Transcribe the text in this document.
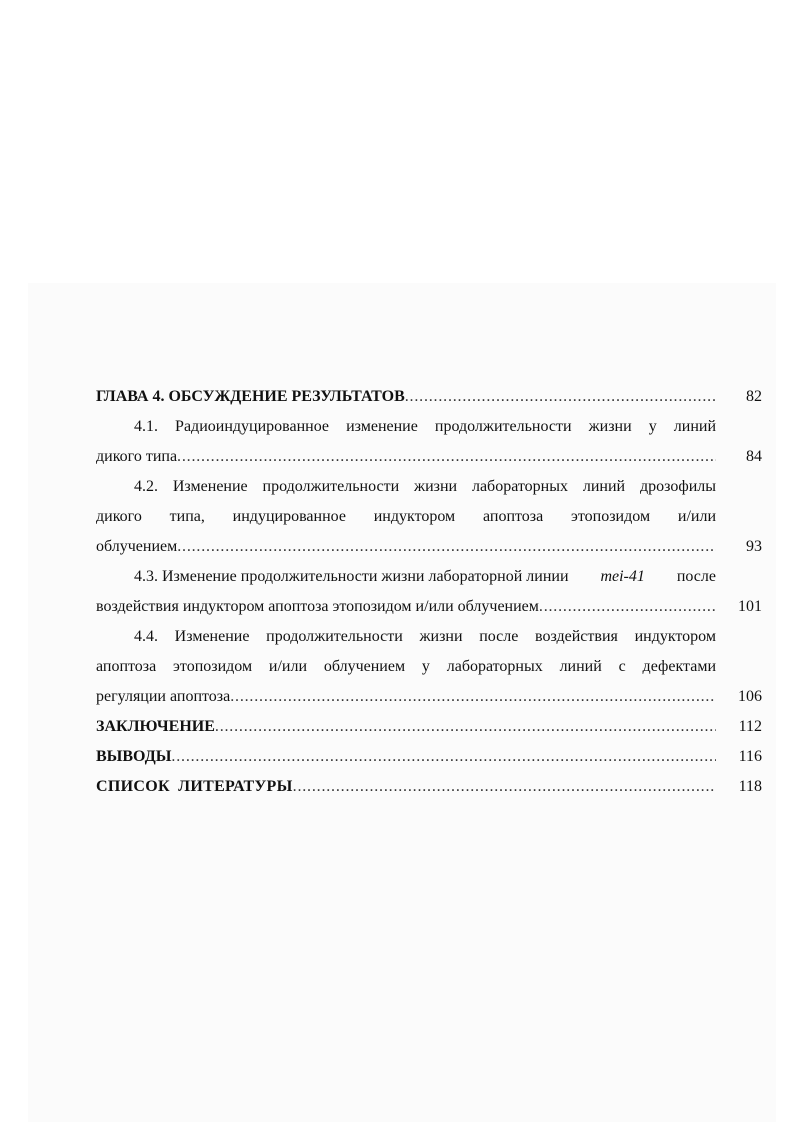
ГЛАВА 4. ОБСУЖДЕНИЕ РЕЗУЛЬТАТОВ .....	82
4.1. Радиоиндуцированное изменение продолжительности жизни у линий
дикого типа .....	84
4.2. Изменение продолжительности жизни лабораторных линий дрозофилы
дикого типа, индуцированное индуктором апоптоза этопозидом и/или
облучением .....	93
4.3. Изменение продолжительности жизни лабораторной линии mei-41 после
воздействия индуктором апоптоза этопозидом и/или облучением .....	101
4.4. Изменение продолжительности жизни после воздействия индуктором
апоптоза этопозидом и/или облучением у лабораторных линий с дефектами
регуляции апоптоза .....	106
ЗАКЛЮЧЕНИЕ .....	112
ВЫВОДЫ .....	116
СПИСОК ЛИТЕРАТУРЫ .....	118
